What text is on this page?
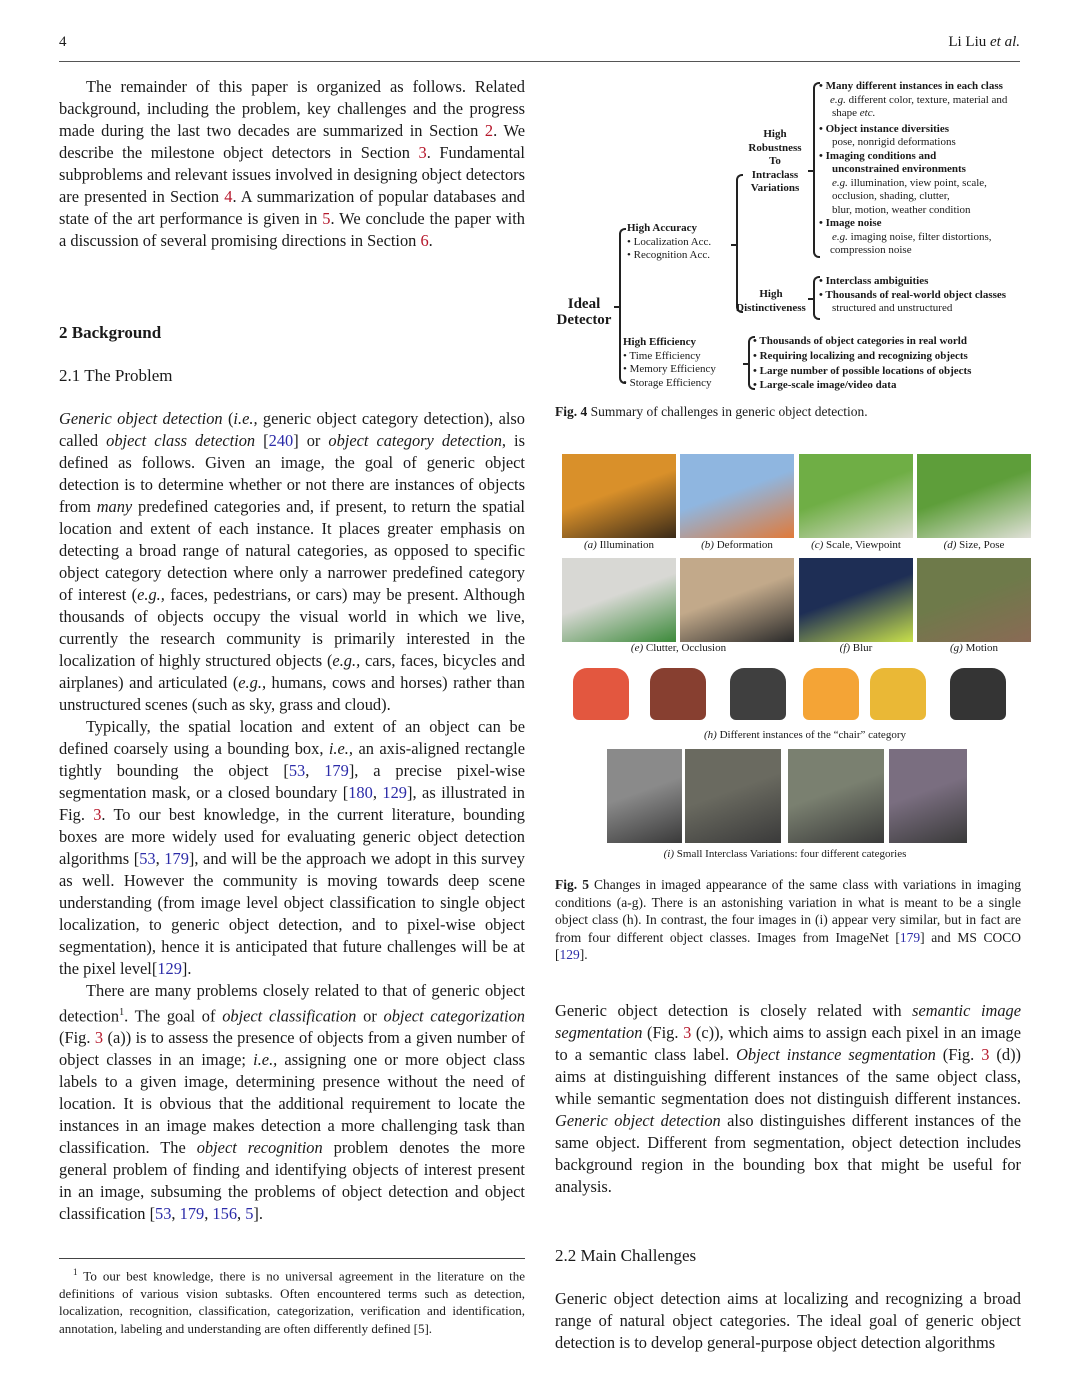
4	Li Liu et al.

The remainder of this paper is organized as follows. Related background, including the problem, key challenges and the progress made during the last two decades are summarized in Section 2. We describe the milestone object detectors in Section 3. Fundamental subproblems and relevant issues involved in designing object detectors are presented in Section 4. A summarization of popular databases and state of the art performance is given in 5. We conclude the paper with a discussion of several promising directions in Section 6.

2 Background
2.1 The Problem

Generic object detection (i.e., generic object category detection), also called object class detection [240] or object category detection, is defined as follows. Given an image, the goal of generic object detection is to determine whether or not there are instances of objects from many predefined categories and, if present, to return the spatial location and extent of each instance. It places greater emphasis on detecting a broad range of natural categories, as opposed to specific object category detection where only a narrower predefined category of interest (e.g., faces, pedestrians, or cars) may be present. Although thousands of objects occupy the visual world in which we live, currently the research community is primarily interested in the localization of highly structured objects (e.g., cars, faces, bicycles and airplanes) and articulated (e.g., humans, cows and horses) rather than unstructured scenes (such as sky, grass and cloud).

Typically, the spatial location and extent of an object can be defined coarsely using a bounding box, i.e., an axis-aligned rectangle tightly bounding the object [53, 179], a precise pixel-wise segmentation mask, or a closed boundary [180, 129], as illustrated in Fig. 3. To our best knowledge, in the current literature, bounding boxes are more widely used for evaluating generic object detection algorithms [53, 179], and will be the approach we adopt in this survey as well. However the community is moving towards deep scene understanding (from image level object classification to single object localization, to generic object detection, and to pixel-wise object segmentation), hence it is anticipated that future challenges will be at the pixel level[129].

There are many problems closely related to that of generic object detection$^1$. The goal of object classification or object categorization (Fig. 3 (a)) is to assess the presence of objects from a given number of object classes in an image; i.e., assigning one or more object class labels to a given image, determining presence without the need of location. It is obvious that the additional requirement to locate the instances in an image makes detection a more challenging task than classification. The object recognition problem denotes the more general problem of finding and identifying objects of interest present in an image, subsuming the problems of object detection and object classification [53, 179, 156, 5].

$^1$ To our best knowledge, there is no universal agreement in the literature on the definitions of various vision subtasks. Often encountered terms such as detection, localization, recognition, classification, categorization, verification and identification, annotation, labeling and understanding are often differently defined [5].
Ideal
Detector
High Accuracy
• Localization Acc.
• Recognition Acc.
High
Robustness
To
Intraclass
Variations
• Many different instances in each class
e.g. different color, texture, material and
shape etc.
• Object instance diversities
pose, nonrigid deformations
• Imaging conditions and
unconstrained environments
e.g. illumination, view point, scale,
occlusion, shading, clutter,
blur, motion, weather condition
• Image noise
e.g. imaging noise, filter distortions,
compression noise
High
Distinctiveness
• Interclass ambiguities
• Thousands of real-world object classes
structured and unstructured
High Efficiency
• Time Efficiency
• Memory Efficiency
• Storage Efficiency
• Thousands of object categories in real world
• Requiring localizing and recognizing objects
• Large number of possible locations of objects
• Large-scale image/video data
Fig. 4 Summary of challenges in generic object detection.
(a) Illumination	(b) Deformation	(c) Scale, Viewpoint	(d) Size, Pose
(e) Clutter, Occlusion	(f) Blur	(g) Motion
(h) Different instances of the “chair” category
(i) Small Interclass Variations: four different categories
Fig. 5 Changes in imaged appearance of the same class with variations in imaging conditions (a-g). There is an astonishing variation in what is meant to be a single object class (h). In contrast, the four images in (i) appear very similar, but in fact are from four different object classes. Images from ImageNet [179] and MS COCO [129].

Generic object detection is closely related with semantic image segmentation (Fig. 3 (c)), which aims to assign each pixel in an image to a semantic class label. Object instance segmentation (Fig. 3 (d)) aims at distinguishing different instances of the same object class, while semantic segmentation does not distinguish different instances. Generic object detection also distinguishes different instances of the same object. Different from segmentation, object detection includes background region in the bounding box that might be useful for analysis.

2.2 Main Challenges

Generic object detection aims at localizing and recognizing a broad range of natural object categories. The ideal goal of generic object detection is to develop general-purpose object detection algorithms
